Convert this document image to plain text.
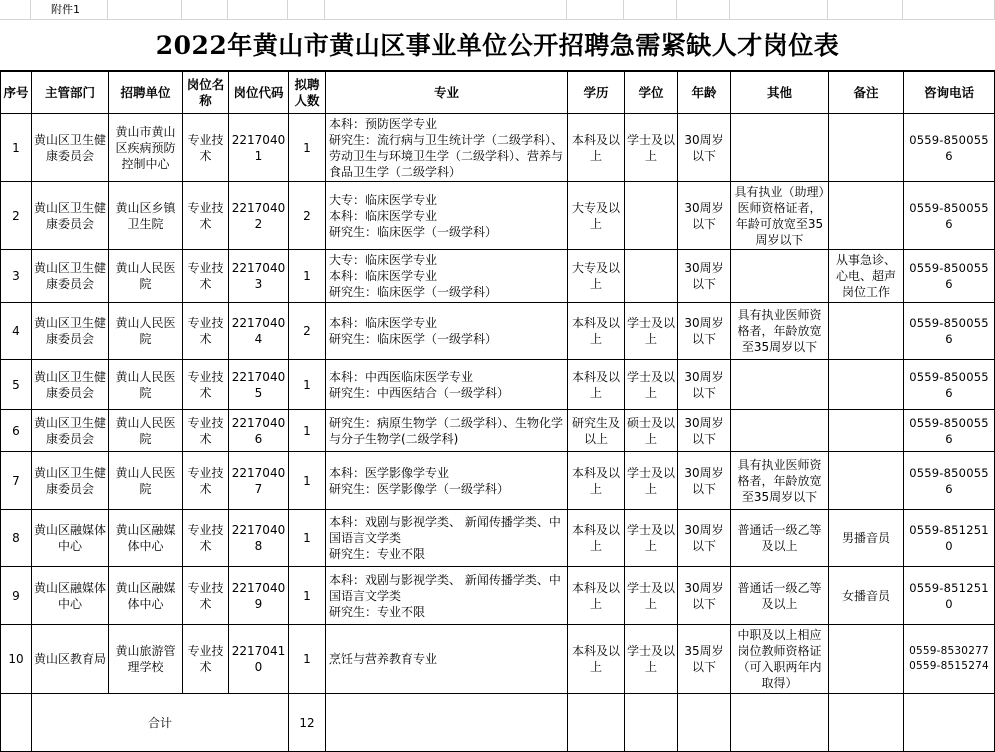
附件1
2022年黄山市黄山区事业单位公开招聘急需紧缺人才岗位表
序号	主管部门	招聘单位	岗位名称	岗位代码	拟聘人数	专业	学历	学位	年龄	其他	备注	咨询电话
1	黄山区卫生健康委员会	黄山市黄山区疾病预防控制中心	专业技术	22170401	1	本科：预防医学专业
研究生：流行病与卫生统计学（二级学科）、劳动卫生与环境卫生学（二级学科）、营养与食品卫生学（二级学科）	本科及以上	学士及以上	30周岁以下			0559-8500556

2	黄山区卫生健康委员会	黄山区乡镇卫生院	专业技术	22170402	2	大专：临床医学专业
本科：临床医学专业
研究生：临床医学（一级学科）	大专及以上		30周岁以下	具有执业（助理）医师资格证者，年龄可放宽至35周岁以下		0559-8500556

3	黄山区卫生健康委员会	黄山人民医院	专业技术	22170403	1	大专：临床医学专业
本科：临床医学专业
研究生：临床医学（一级学科）	大专及以上		30周岁以下		从事急诊、心电、超声岗位工作	0559-8500556

4	黄山区卫生健康委员会	黄山人民医院	专业技术	22170404	2	本科：临床医学专业
研究生：临床医学（一级学科）	本科及以上	学士及以上	30周岁以下	具有执业医师资格者，年龄放宽至35周岁以下		0559-8500556

5	黄山区卫生健康委员会	黄山人民医院	专业技术	22170405	1	本科：中西医临床医学专业
研究生：中西医结合（一级学科）	本科及以上	学士及以上	30周岁以下			0559-8500556

6	黄山区卫生健康委员会	黄山人民医院	专业技术	22170406	1	研究生：病原生物学（二级学科）、生物化学与分子生物学(二级学科)	研究生及以上	硕士及以上	30周岁以下			0559-8500556

7	黄山区卫生健康委员会	黄山人民医院	专业技术	22170407	1	本科：医学影像学专业
研究生：医学影像学（一级学科）	本科及以上	学士及以上	30周岁以下	具有执业医师资格者，年龄放宽至35周岁以下		0559-8500556

8	黄山区融媒体中心	黄山区融媒体中心	专业技术	22170408	1	本科：戏剧与影视学类、 新闻传播学类、中国语言文学类
研究生：专业不限	本科及以上	学士及以上	30周岁以下	普通话一级乙等及以上	男播音员	0559-8512510

9	黄山区融媒体中心	黄山区融媒体中心	专业技术	22170409	1	本科：戏剧与影视学类、 新闻传播学类、中国语言文学类
研究生：专业不限	本科及以上	学士及以上	30周岁以下	普通话一级乙等及以上	女播音员	0559-8512510

10	黄山区教育局	黄山旅游管理学校	专业技术	22170410	1	烹饪与营养教育专业	本科及以上	学士及以上	35周岁以下	中职及以上相应岗位教师资格证（可入职两年内取得）		0559-8530277
0559-8515274

	合计				12							
